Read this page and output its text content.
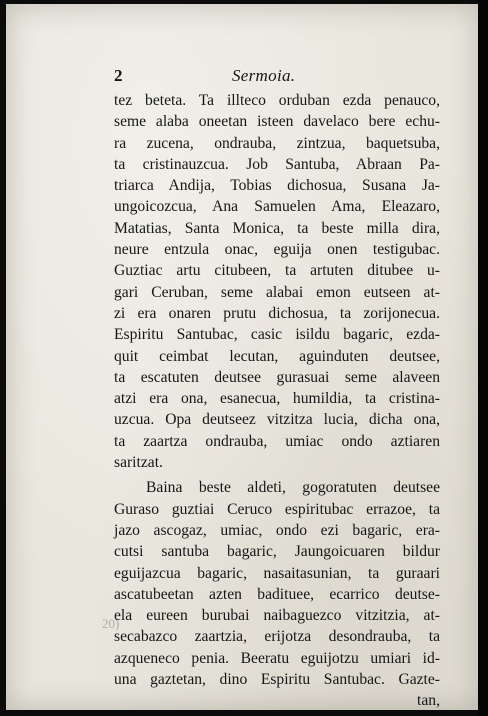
2	Sermoia.
tez beteta. Ta illteco orduban ezda penauco,
seme alaba oneetan isteen davelaco bere echu-
ra zucena, ondrauba, zintzua, baquetsuba,
ta cristinauzcua. Job Santuba, Abraan Pa-
triarca Andija, Tobias dichosua, Susana Ja-
ungoicozcua, Ana Samuelen Ama, Eleazaro,
Matatias, Santa Monica, ta beste milla dira,
neure entzula onac, eguija onen testigubac.
Guztiac artu citubeen, ta artuten ditubee u-
gari Ceruban, seme alabai emon eutseen at-
zi era onaren prutu dichosua, ta zorijonecua.
Espiritu Santubac, casic isildu bagaric, ezda-
quit ceimbat lecutan, aguinduten deutsee,
ta escatuten deutsee gurasuai seme alaveen
atzi era ona, esanecua, humildia, ta cristina-
uzcua. Opa deutseez vitzitza lucia, dicha ona,
ta zaartza ondrauba, umiac ondo aztiaren
saritzat.
Baina beste aldeti, gogoratuten deutsee
Guraso guztiai Ceruco espiritubac errazoe, ta
jazo ascogaz, umiac, ondo ezi bagaric, era-
cutsi santuba bagaric, Jaungoicuaren bildur
eguijazcua bagaric, nasaitasunian, ta guraari
ascatubeetan azten badituee, ecarrico deutse-
ela eureen burubai naibaguezco vitzitzia, at-
secabazco zaartzia, erijotza desondrauba, ta
azqueneco penia. Beeratu eguijotzu umiari id-
una gaztetan, dino Espiritu Santubac. Gazte-
tan,
20)
